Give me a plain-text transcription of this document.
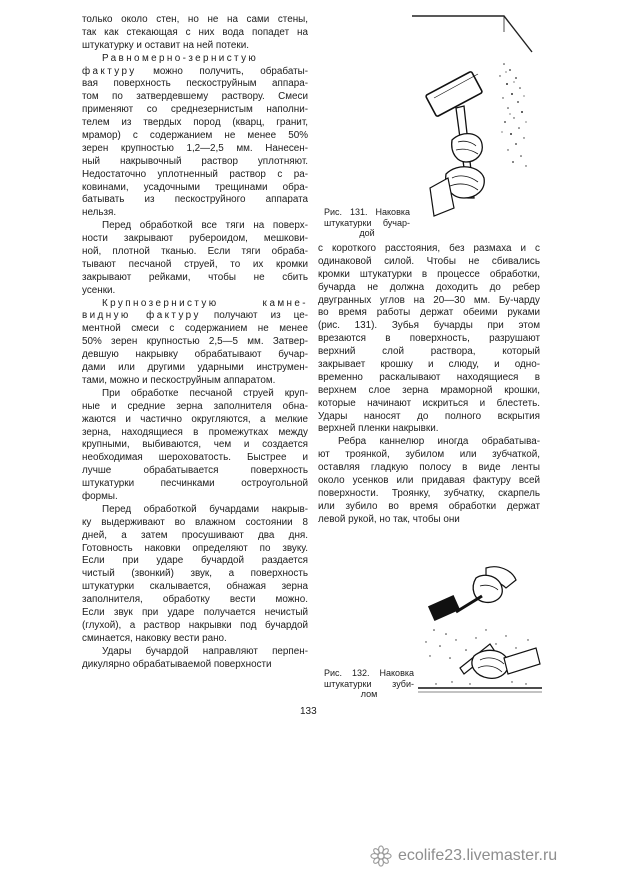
только около стен, но не на сами стены,
так как стекающая с них вода попадет на
штукатурку и оставит на ней потеки.
Равномерно-зернистую
фактуру можно получить, обрабаты-
вая поверхность пескоструйным аппара-
том по затвердевшему раствору. Смеси
применяют со среднезернистым наполни-
телем из твердых пород (кварц, гранит,
мрамор) с содержанием не менее 50%
зерен крупностью 1,2—2,5 мм. Нанесен-
ный накрывочный раствор уплотняют.
Недостаточно уплотненный раствор с ра-
ковинами, усадочными трещинами обра-
батывать из пескоструйного аппарата
нельзя.
Перед обработкой все тяги на поверх-
ности закрывают рубероидом, мешкови-
ной, плотной тканью. Если тяги обраба-
тывают песчаной струей, то их кромки
закрывают рейками, чтобы не сбить
усенки.
Крупнозернистую камне-
видную фактуру получают из це-
ментной смеси с содержанием не менее
50% зерен крупностью 2,5—5 мм. Затвер-
девшую накрывку обрабатывают бучар-
дами или другими ударными инструмен-
тами, можно и пескоструйным аппаратом.
При обработке песчаной струей круп-
ные и средние зерна заполнителя обна-
жаются и частично округляются, а мелкие
зерна, находящиеся в промежутках между
крупными, выбиваются, чем и создается
необходимая шероховатость. Быстрее и
лучше обрабатывается поверхность
штукатурки песчинками остроугольной
формы.
Перед обработкой бучардами накрыв-
ку выдерживают во влажном состоянии 8
дней, а затем просушивают два дня.
Готовность наковки определяют по звуку.
Если при ударе бучардой раздается
чистый (звонкий) звук, а поверхность
штукатурки скалывается, обнажая зерна
заполнителя, обработку вести можно.
Если звук при ударе получается нечистый
(глухой), а раствор накрывки под бучардой
сминается, наковку вести рано.
Удары бучардой направляют перпен-
дикулярно обрабатываемой поверхности
с короткого расстояния, без размаха и с
одинаковой силой. Чтобы не сбивались
кромки штукатурки в процессе обработки,
бучарда не должна доходить до ребер
двугранных углов на 20—30 мм. Бу-чарду
во время работы держат обеими руками
(рис. 131). Зубья бучарды при этом
врезаются в поверхность, разрушают
верхний слой раствора, который
закрывает крошку и слюду, и одно-
временно раскалывают находящиеся в
верхнем слое зерна мраморной крошки,
которые начинают искриться и блестеть.
Удары наносят до полного вскрытия
верхней пленки накрывки.
Ребра каннелюр иногда обрабатыва-
ют троянкой, зубилом или зубчаткой,
оставляя гладкую полосу в виде ленты
около усенков или придавая фактуру всей
поверхности. Троянку, зубчатку, скарпель
или зубило во время обработки держат
левой рукой, но так, чтобы они
Рис. 131. Наковка
штукатурки бучар-
дой
Рис. 132. Наковка
штукатурки зуби-
лом
133
ecolife23.livemaster.ru
